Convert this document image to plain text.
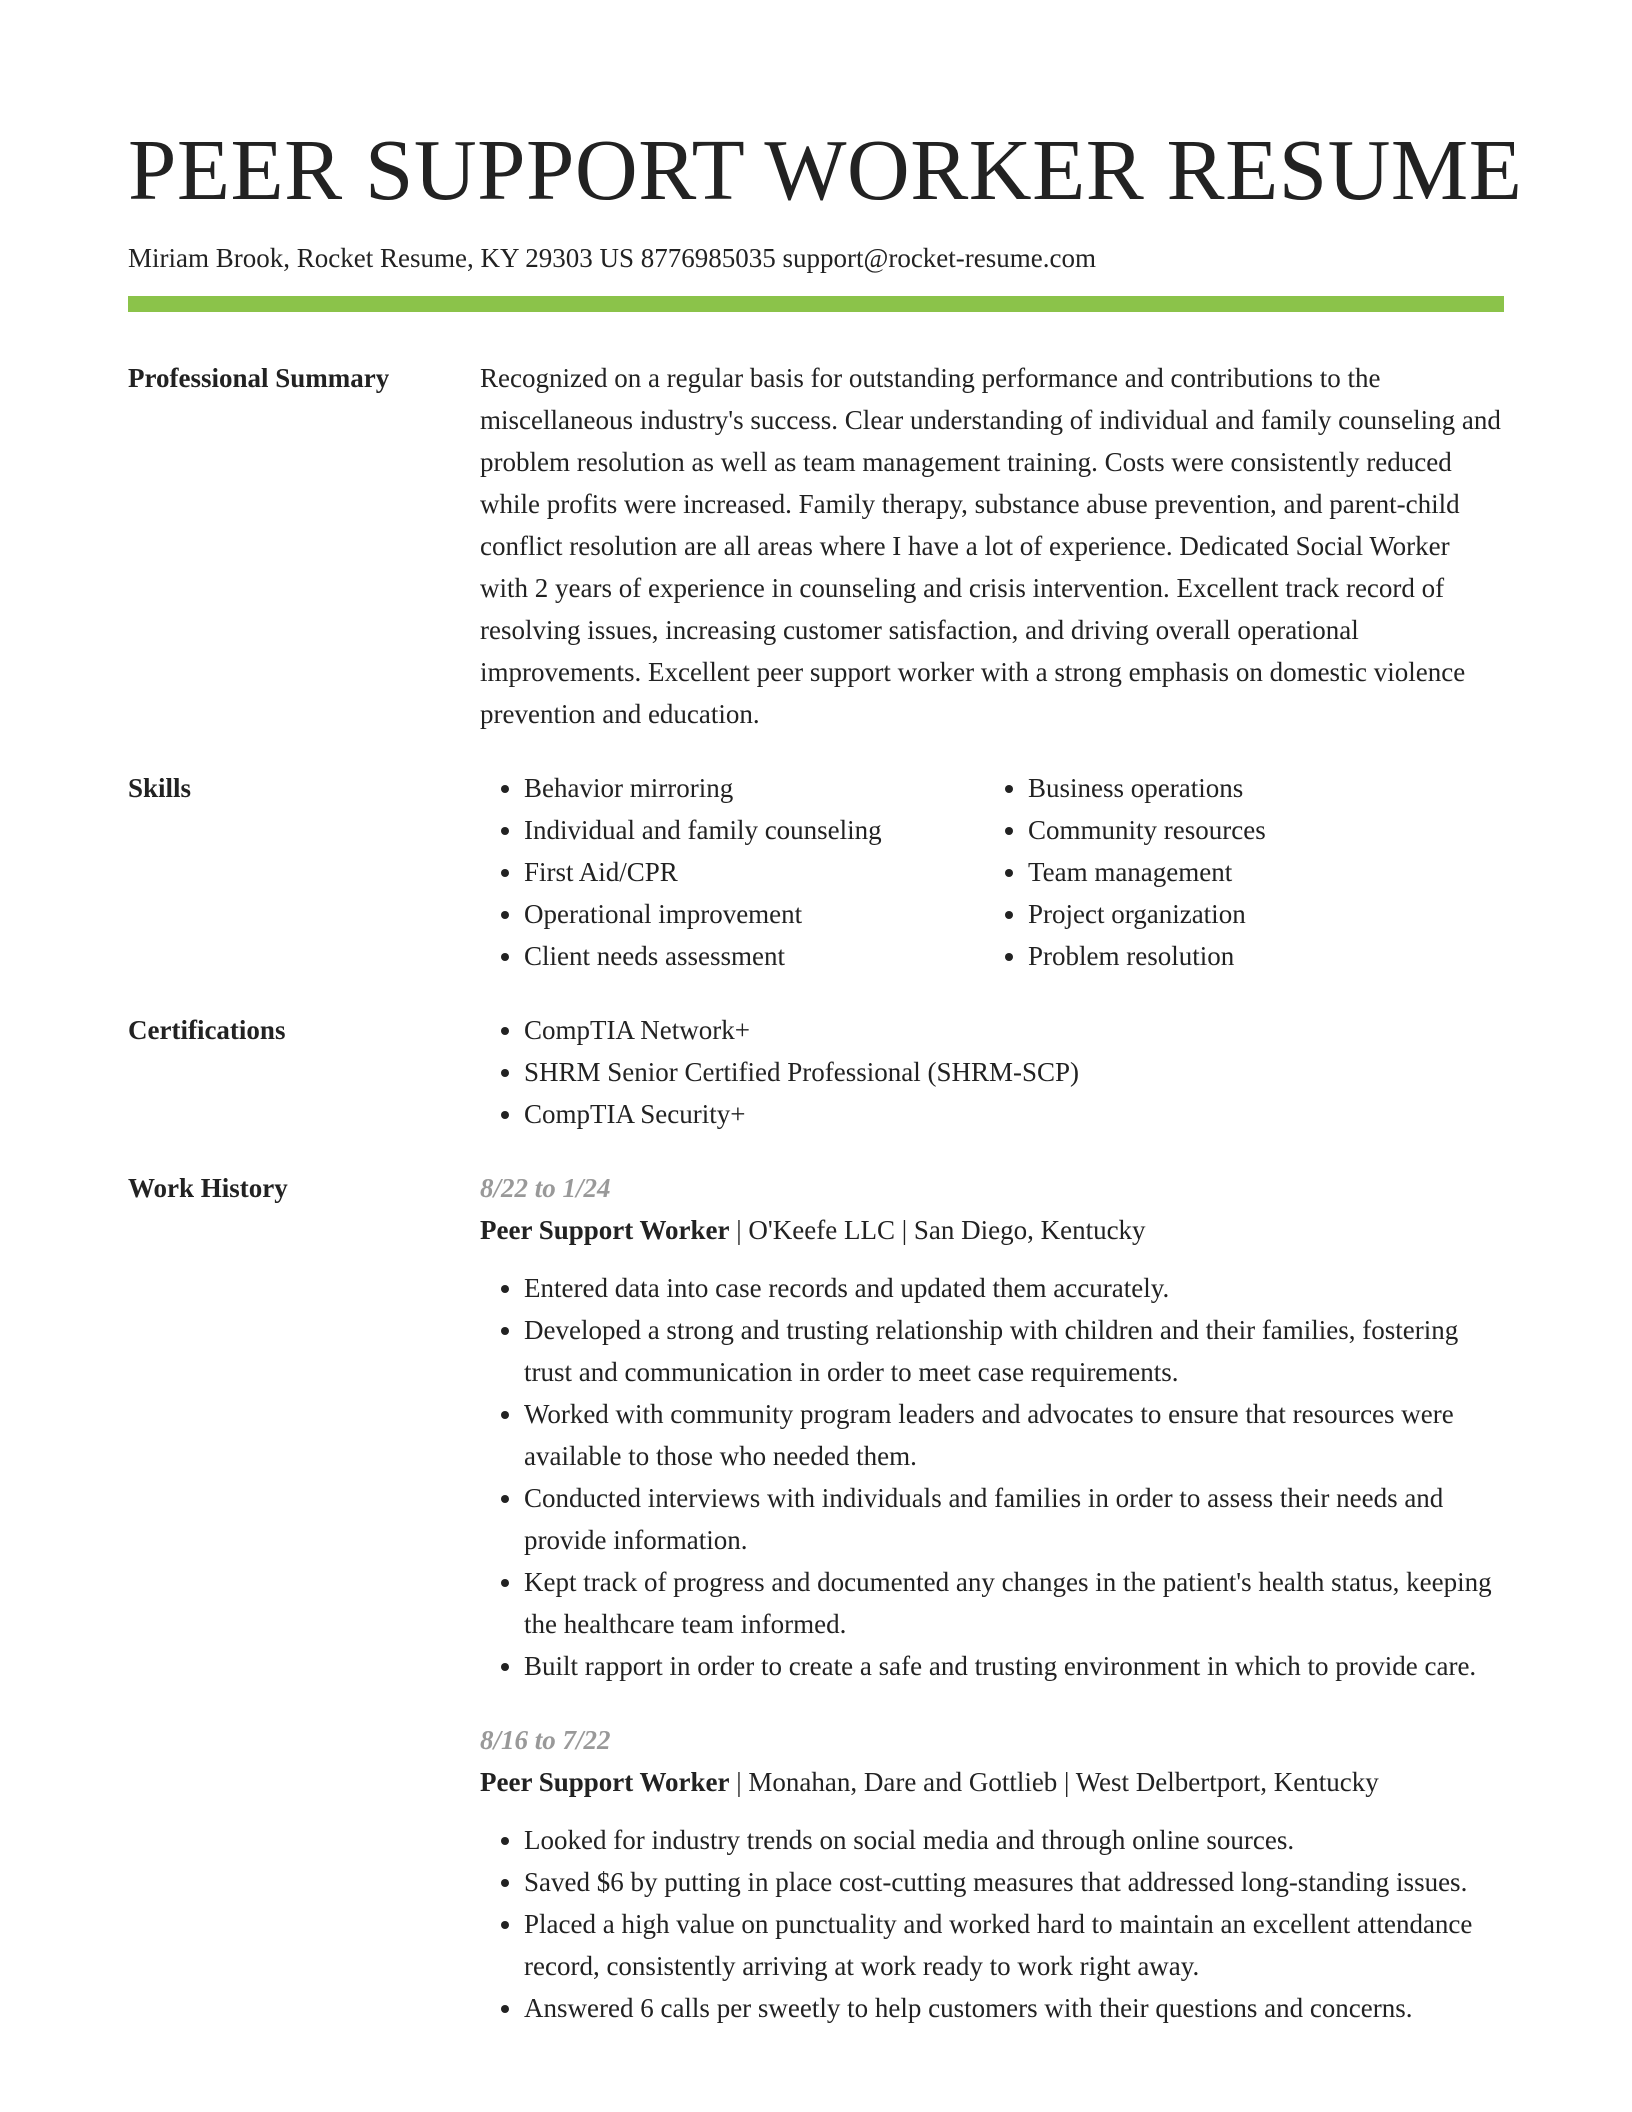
PEER SUPPORT WORKER RESUME
Miriam Brook, Rocket Resume, KY 29303 US 8776985035 support@rocket-resume.com
Professional Summary	Recognized on a regular basis for outstanding performance and contributions to the miscellaneous industry's success. Clear understanding of individual and family counseling and problem resolution as well as team management training. Costs were consistently reduced while profits were increased. Family therapy, substance abuse prevention, and parent-child conflict resolution are all areas where I have a lot of experience. Dedicated Social Worker with 2 years of experience in counseling and crisis intervention. Excellent track record of resolving issues, increasing customer satisfaction, and driving overall operational improvements. Excellent peer support worker with a strong emphasis on domestic violence prevention and education.

Skills	• Behavior mirroring
• Individual and family counseling
• First Aid/CPR
• Operational improvement
• Client needs assessment
• Business operations
• Community resources
• Team management
• Project organization
• Problem resolution
Certifications	• CompTIA Network+
• SHRM Senior Certified Professional (SHRM-SCP)
• CompTIA Security+
Work History	8/22 to 1/24
Peer Support Worker | O'Keefe LLC | San Diego, Kentucky
• Entered data into case records and updated them accurately.
• Developed a strong and trusting relationship with children and their families, fostering trust and communication in order to meet case requirements.
• Worked with community program leaders and advocates to ensure that resources were available to those who needed them.
• Conducted interviews with individuals and families in order to assess their needs and provide information.
• Kept track of progress and documented any changes in the patient's health status, keeping the healthcare team informed.
• Built rapport in order to create a safe and trusting environment in which to provide care.
8/16 to 7/22
Peer Support Worker | Monahan, Dare and Gottlieb | West Delbertport, Kentucky
• Looked for industry trends on social media and through online sources.
• Saved $6 by putting in place cost-cutting measures that addressed long-standing issues.
• Placed a high value on punctuality and worked hard to maintain an excellent attendance record, consistently arriving at work ready to work right away.
• Answered 6 calls per sweetly to help customers with their questions and concerns.
